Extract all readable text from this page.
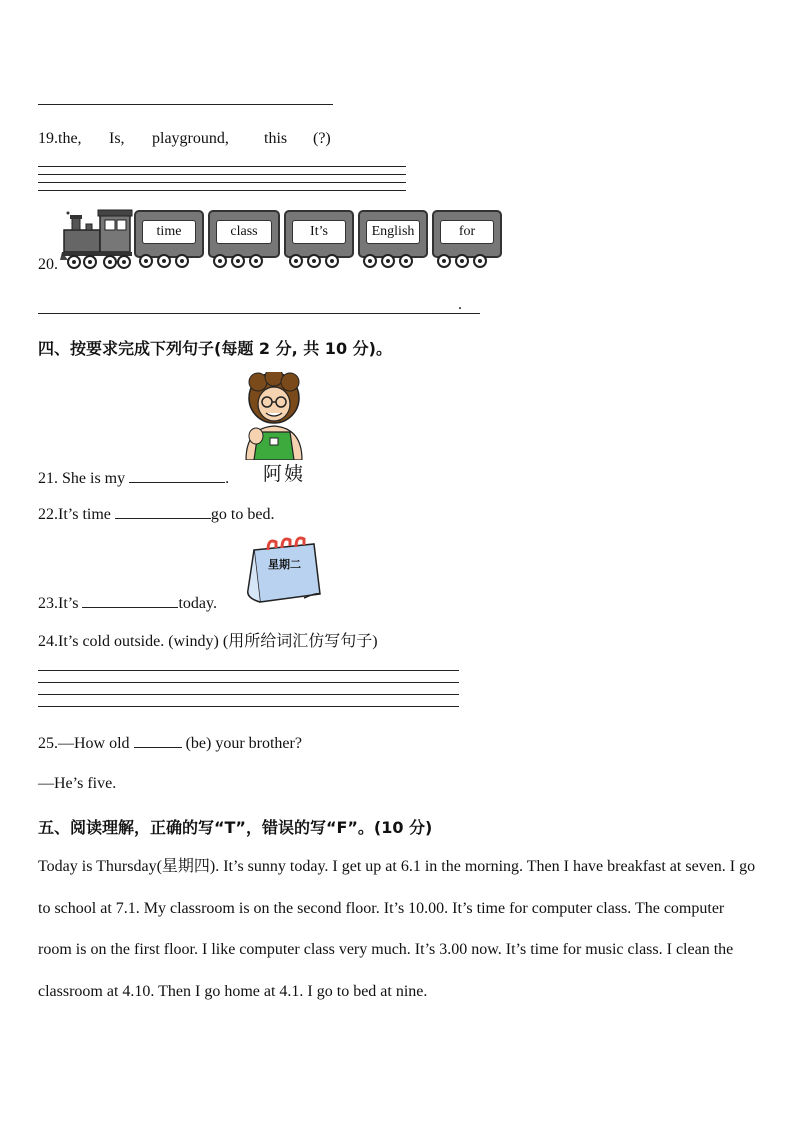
19.the, Is, playground, this (?)
20.
time	class	It’s	English	for
.
四、按要求完成下列句子(每题 2 分, 共 10 分)。
阿姨
21. She is my	.
22.It’s time	go to bed.
星期二
23.It’s	today.
24.It’s cold outside. (windy) (用所给词汇仿写句子)
25.—How old	(be) your brother?
—He’s five.
五、阅读理解，正确的写“T”，错误的写“F”。(10 分)
Today is Thursday(星期四). It’s sunny today. I get up at 6.1 in the morning. Then I have breakfast at seven. I go to school at 7.1. My classroom is on the second floor. It’s 10.00. It’s time for computer class. The computer room is on the first floor. I like computer class very much. It’s 3.00 now. It’s time for music class. I clean the classroom at 4.10. Then I go home at 4.1. I go to bed at nine.
